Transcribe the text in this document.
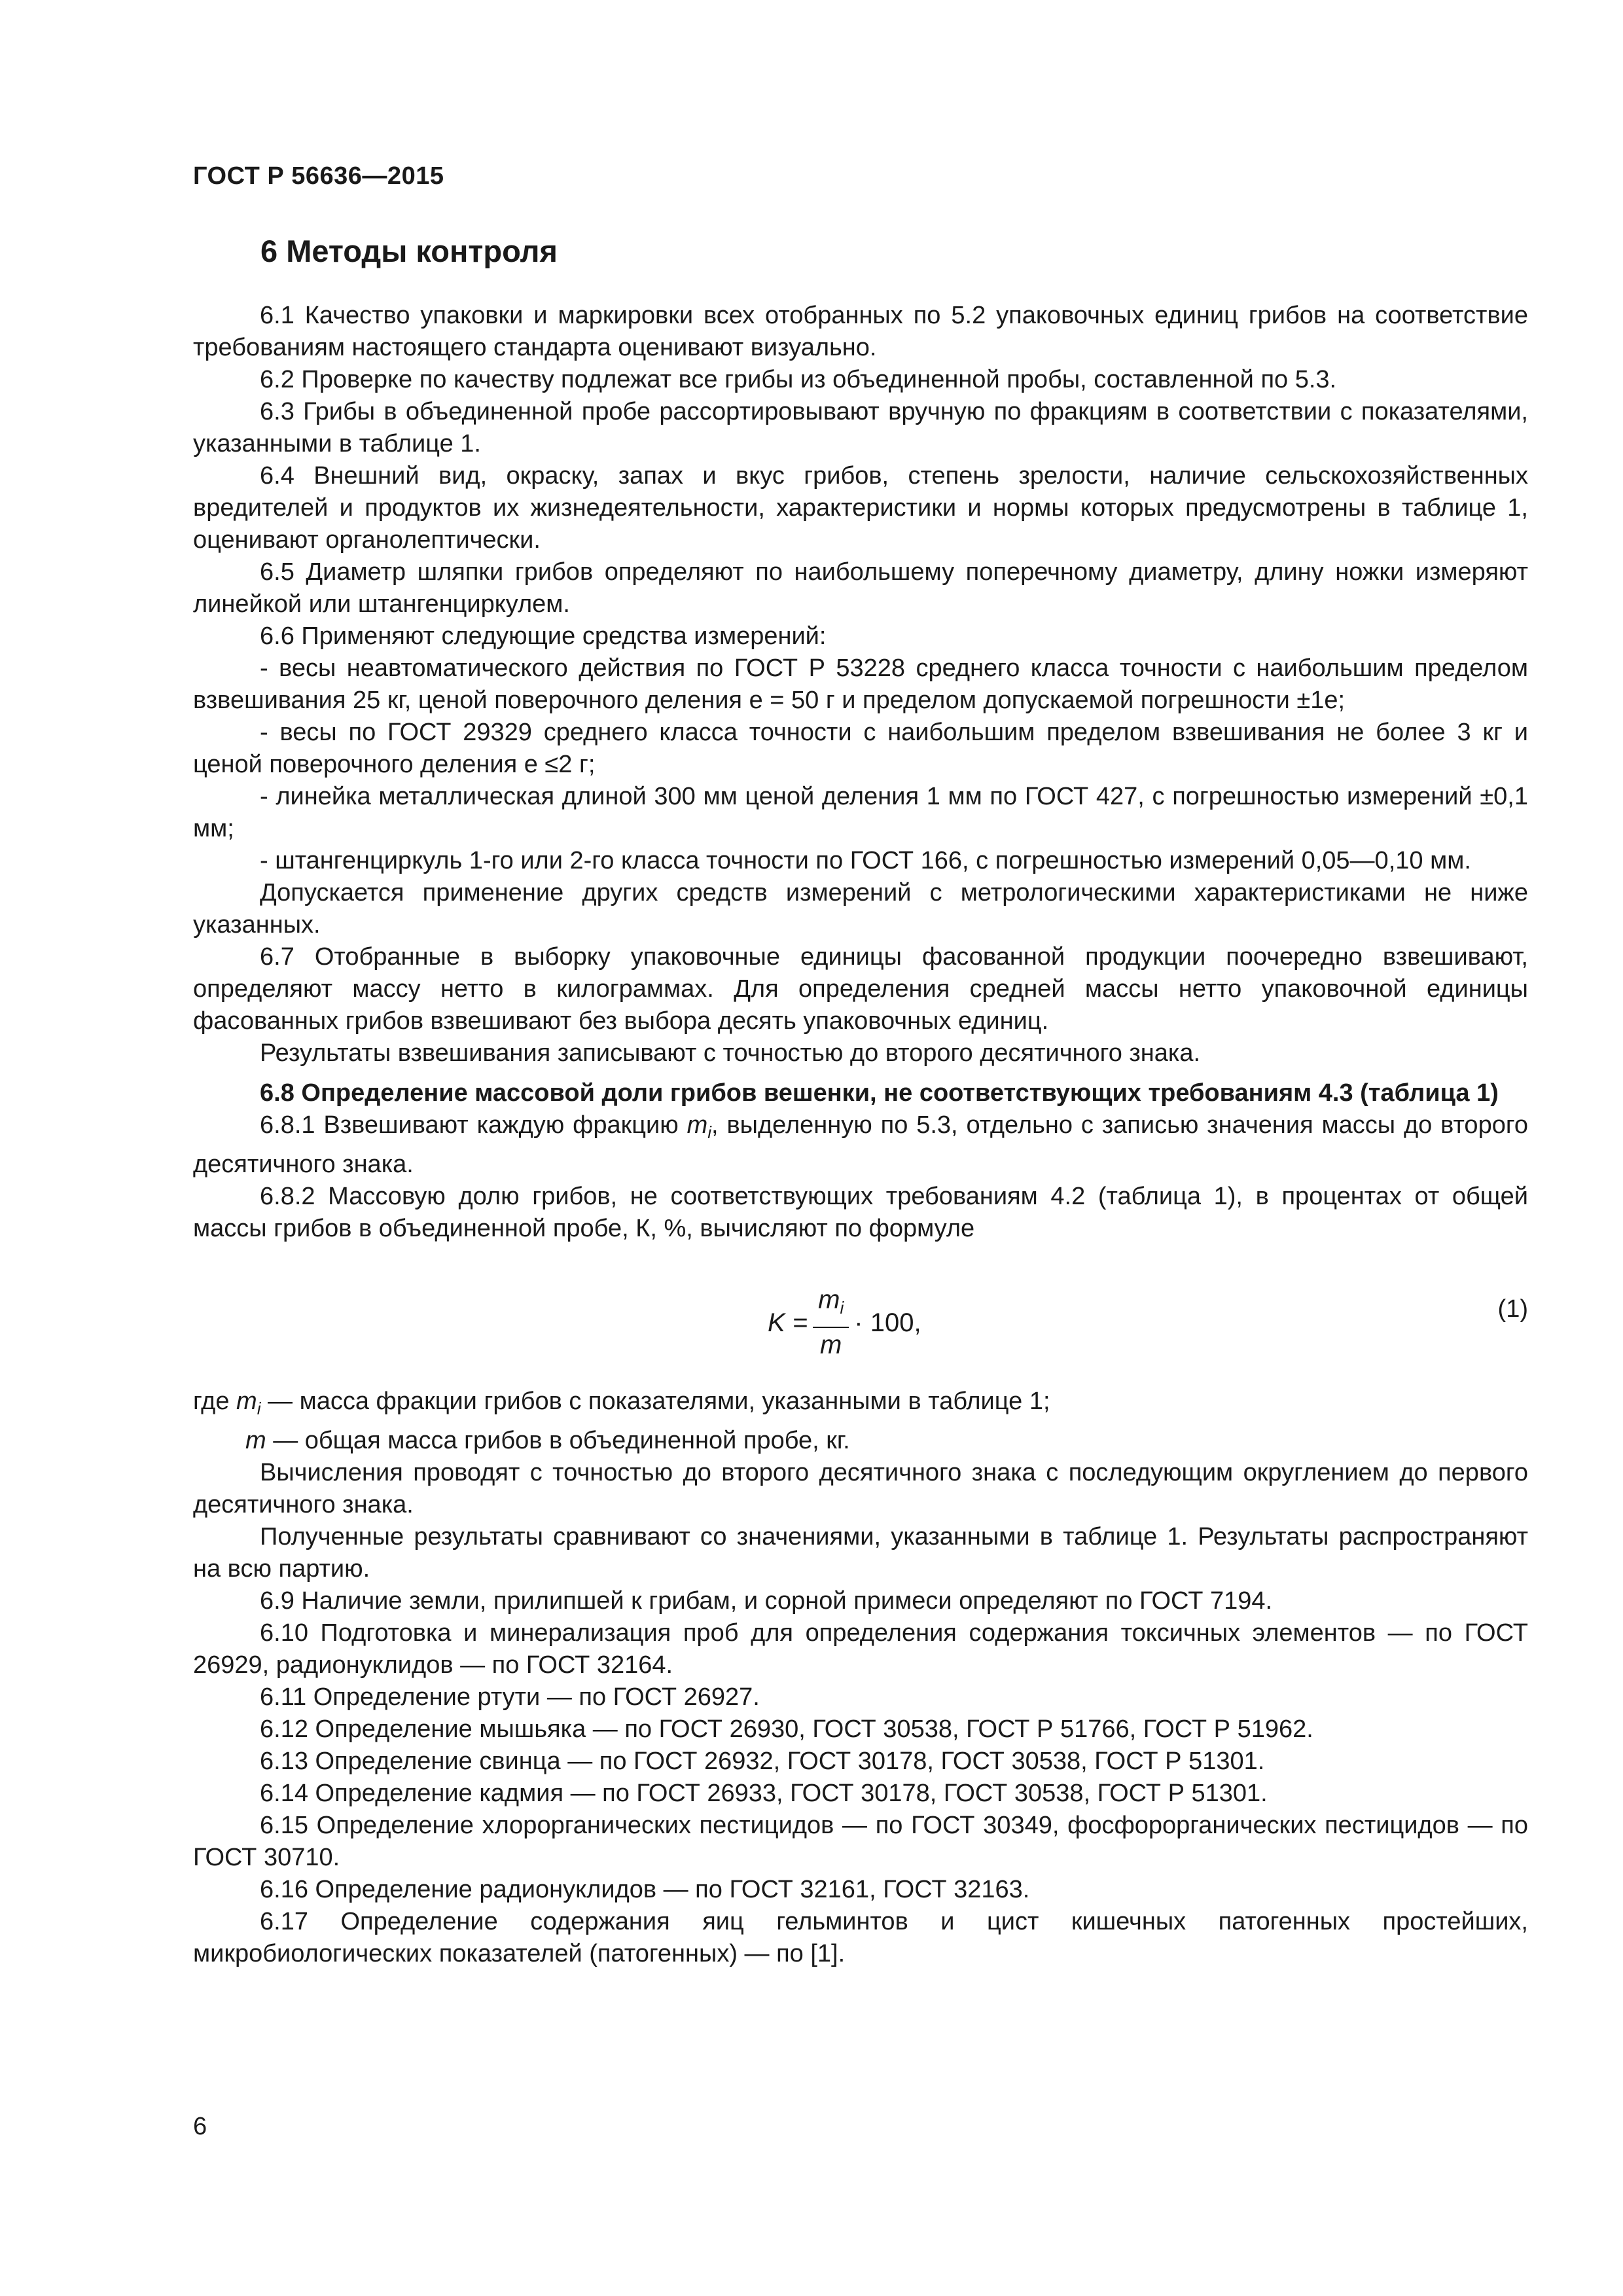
ГОСТ Р 56636—2015
6 Методы контроля

6.1 Качество упаковки и маркировки всех отобранных по 5.2 упаковочных единиц грибов на соответствие требованиям настоящего стандарта оценивают визуально.

6.2 Проверке по качеству подлежат все грибы из объединенной пробы, составленной по 5.3.

6.3 Грибы в объединенной пробе рассортировывают вручную по фракциям в соответствии с показателями, указанными в таблице 1.

6.4 Внешний вид, окраску, запах и вкус грибов, степень зрелости, наличие сельскохозяйственных вредителей и продуктов их жизнедеятельности, характеристики и нормы которых предусмотрены в таблице 1, оценивают органолептически.

6.5 Диаметр шляпки грибов определяют по наибольшему поперечному диаметру, длину ножки измеряют линейкой или штангенциркулем.

6.6 Применяют следующие средства измерений:

- весы неавтоматического действия по ГОСТ Р 53228 среднего класса точности с наибольшим пределом взвешивания 25 кг, ценой поверочного деления e = 50 г и пределом допускаемой погрешности ±1e;

- весы по ГОСТ 29329 среднего класса точности с наибольшим пределом взвешивания не более 3 кг и ценой поверочного деления e ≤2 г;

- линейка металлическая длиной 300 мм ценой деления 1 мм по ГОСТ 427, с погрешностью измерений ±0,1 мм;

- штангенциркуль 1-го или 2-го класса точности по ГОСТ 166, с погрешностью измерений 0,05—0,10 мм.

Допускается применение других средств измерений с метрологическими характеристиками не ниже указанных.

6.7 Отобранные в выборку упаковочные единицы фасованной продукции поочередно взвешивают, определяют массу нетто в килограммах. Для определения средней массы нетто упаковочной единицы фасованных грибов взвешивают без выбора десять упаковочных единиц.

Результаты взвешивания записывают с точностью до второго десятичного знака.

6.8 Определение массовой доли грибов вешенки, не соответствующих требованиям 4.3 (таблица 1)

6.8.1 Взвешивают каждую фракцию $m_i$, выделенную по 5.3, отдельно с записью значения массы до второго десятичного знака.

6.8.2 Массовую долю грибов, не соответствующих требованиям 4.2 (таблица 1), в процентах от общей массы грибов в объединенной пробе, К, %, вычисляют по формуле

$K = \frac{m_i}{m} \cdot 100$,	(1)

где $m_i$ — масса фракции грибов с показателями, указанными в таблице 1;

m — общая масса грибов в объединенной пробе, кг.

Вычисления проводят с точностью до второго десятичного знака с последующим округлением до первого десятичного знака.

Полученные результаты сравнивают со значениями, указанными в таблице 1. Результаты распространяют на всю партию.

6.9 Наличие земли, прилипшей к грибам, и сорной примеси определяют по ГОСТ 7194.

6.10 Подготовка и минерализация проб для определения содержания токсичных элементов — по ГОСТ 26929, радионуклидов — по ГОСТ 32164.

6.11 Определение ртути — по ГОСТ 26927.

6.12 Определение мышьяка — по ГОСТ 26930, ГОСТ 30538, ГОСТ Р 51766, ГОСТ Р 51962.

6.13 Определение свинца — по ГОСТ 26932, ГОСТ 30178, ГОСТ 30538, ГОСТ Р 51301.

6.14 Определение кадмия — по ГОСТ 26933, ГОСТ 30178, ГОСТ 30538, ГОСТ Р 51301.

6.15 Определение хлорорганических пестицидов — по ГОСТ 30349, фосфорорганических пестицидов — по ГОСТ 30710.

6.16 Определение радионуклидов — по ГОСТ 32161, ГОСТ 32163.

6.17 Определение содержания яиц гельминтов и цист кишечных патогенных простейших, микробиологических показателей (патогенных) — по [1].

6
